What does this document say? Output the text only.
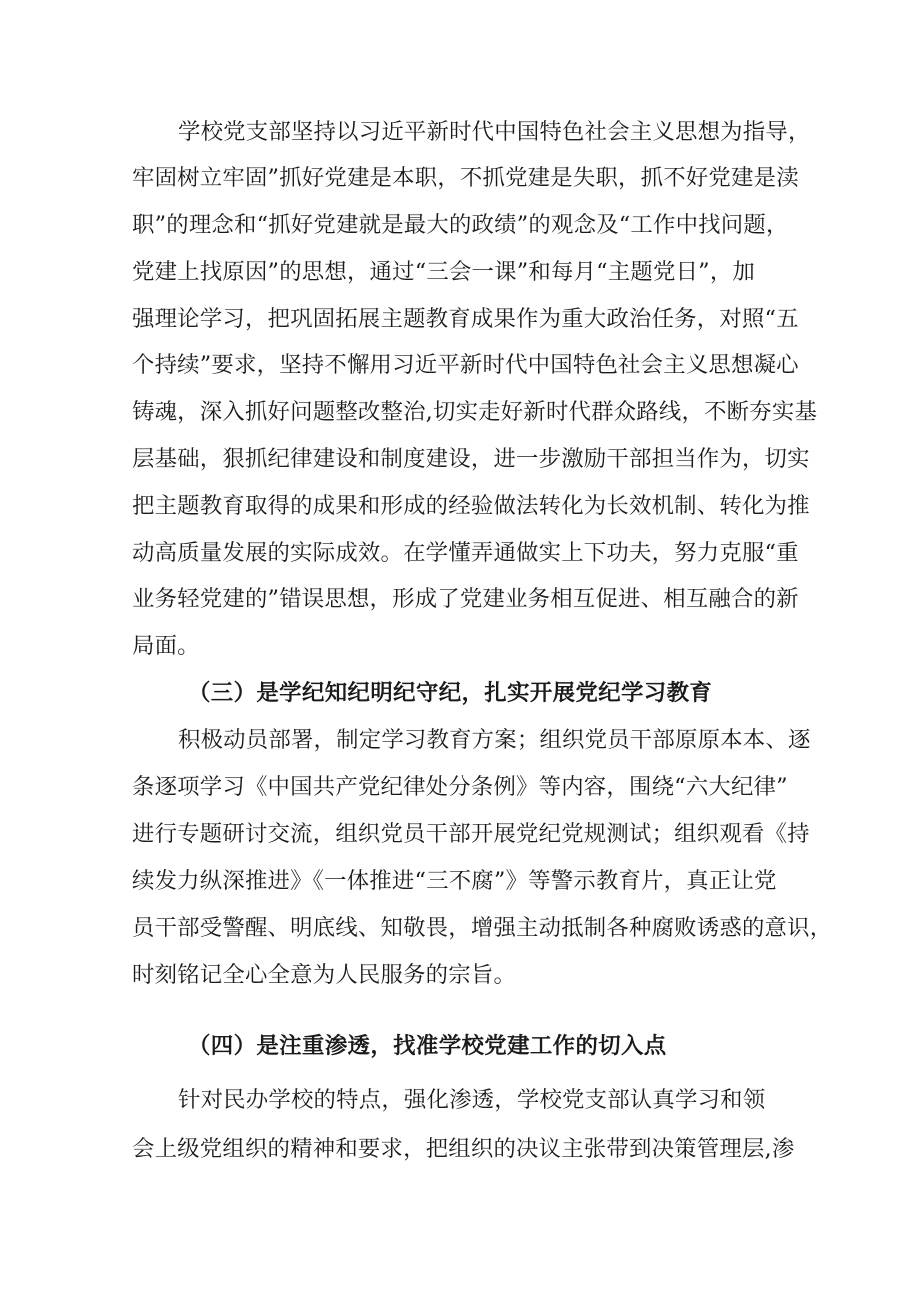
学校党支部坚持以习近平新时代中国特色社会主义思想为指导，
牢固树立牢固”抓好党建是本职，不抓党建是失职，抓不好党建是渎
职”的理念和“抓好党建就是最大的政绩”的观念及“工作中找问题，
党建上找原因”的思想，通过“三会一课”和每月“主题党日”，加
强理论学习，把巩固拓展主题教育成果作为重大政治任务，对照“五
个持续”要求，坚持不懈用习近平新时代中国特色社会主义思想凝心
铸魂，深入抓好问题整改整治,切实走好新时代群众路线，不断夯实基
层基础，狠抓纪律建设和制度建设，进一步激励干部担当作为，切实
把主题教育取得的成果和形成的经验做法转化为长效机制、转化为推
动高质量发展的实际成效。在学懂弄通做实上下功夫，努力克服“重
业务轻党建的”错误思想，形成了党建业务相互促进、相互融合的新
局面。
（三）是学纪知纪明纪守纪，扎实开展党纪学习教育
积极动员部署，制定学习教育方案；组织党员干部原原本本、逐
条逐项学习《中国共产党纪律处分条例》等内容，围绕“六大纪律”
进行专题研讨交流，组织党员干部开展党纪党规测试；组织观看《持
续发力纵深推进》《一体推进“三不腐”》等警示教育片，真正让党
员干部受警醒、明底线、知敬畏，增强主动抵制各种腐败诱惑的意识，
时刻铭记全心全意为人民服务的宗旨。
（四）是注重渗透，找准学校党建工作的切入点
针对民办学校的特点，强化渗透，学校党支部认真学习和领
会上级党组织的精神和要求，把组织的决议主张带到决策管理层,渗
